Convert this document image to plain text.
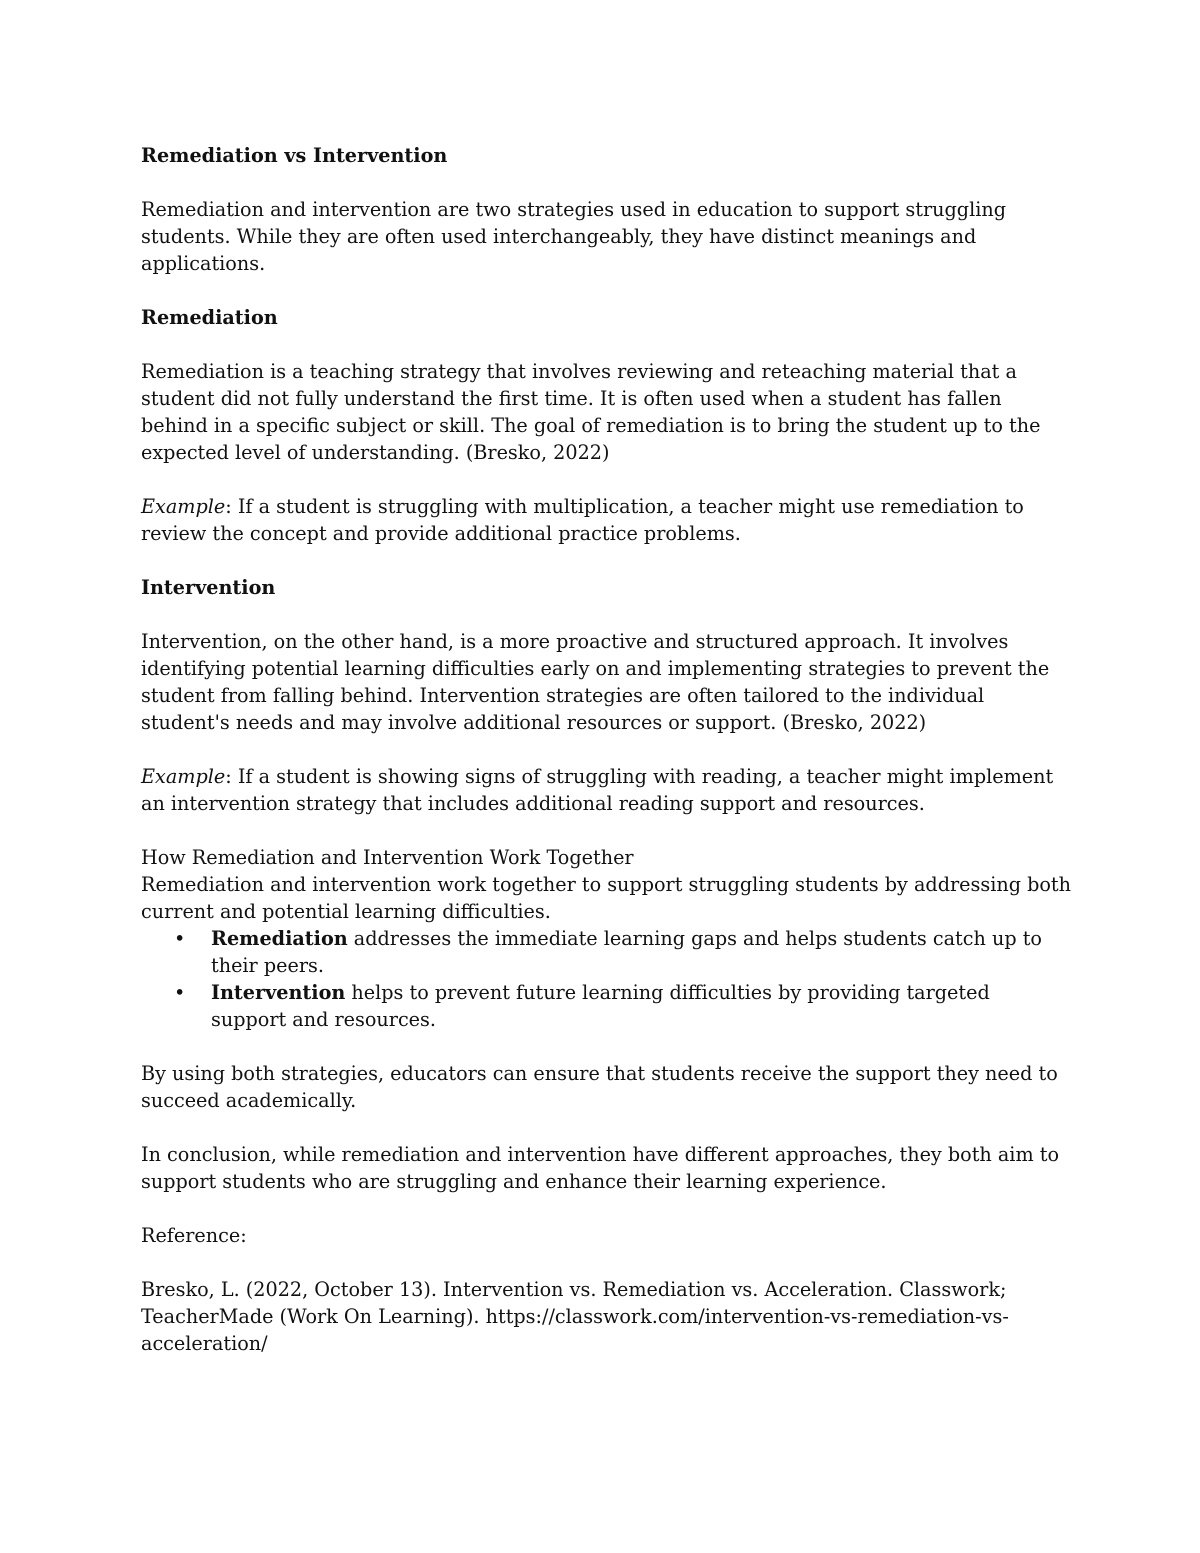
Remediation vs Intervention

Remediation and intervention are two strategies used in education to support struggling students. While they are often used interchangeably, they have distinct meanings and applications.

Remediation

Remediation is a teaching strategy that involves reviewing and reteaching material that a student did not fully understand the first time. It is often used when a student has fallen behind in a specific subject or skill. The goal of remediation is to bring the student up to the expected level of understanding. (Bresko, 2022)

Example: If a student is struggling with multiplication, a teacher might use remediation to review the concept and provide additional practice problems.

Intervention

Intervention, on the other hand, is a more proactive and structured approach. It involves identifying potential learning difficulties early on and implementing strategies to prevent the student from falling behind. Intervention strategies are often tailored to the individual student's needs and may involve additional resources or support. (Bresko, 2022)

Example: If a student is showing signs of struggling with reading, a teacher might implement an intervention strategy that includes additional reading support and resources.

How Remediation and Intervention Work Together

Remediation and intervention work together to support struggling students by addressing both current and potential learning difficulties.

• Remediation addresses the immediate learning gaps and helps students catch up to their peers.
• Intervention helps to prevent future learning difficulties by providing targeted support and resources.

By using both strategies, educators can ensure that students receive the support they need to succeed academically.

In conclusion, while remediation and intervention have different approaches, they both aim to support students who are struggling and enhance their learning experience.

Reference:

Bresko, L. (2022, October 13). Intervention vs. Remediation vs. Acceleration. Classwork; TeacherMade (Work On Learning). https://classwork.com/intervention-vs-remediation-vs-acceleration/
